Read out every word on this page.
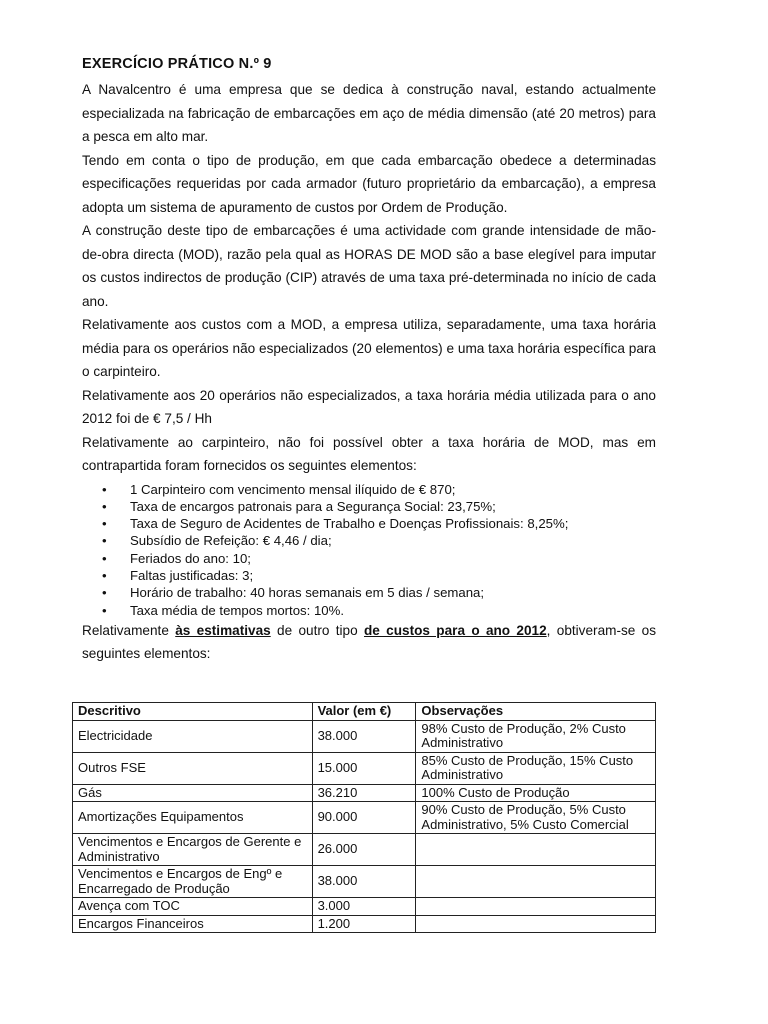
EXERCÍCIO PRÁTICO N.º 9

A Navalcentro é uma empresa que se dedica à construção naval, estando actualmente especializada na fabricação de embarcações em aço de média dimensão (até 20 metros) para a pesca em alto mar.

Tendo em conta o tipo de produção, em que cada embarcação obedece a determinadas especificações requeridas por cada armador (futuro proprietário da embarcação), a empresa adopta um sistema de apuramento de custos por Ordem de Produção.

A construção deste tipo de embarcações é uma actividade com grande intensidade de mão-de-obra directa (MOD), razão pela qual as HORAS DE MOD são a base elegível para imputar os custos indirectos de produção (CIP) através de uma taxa pré-determinada no início de cada ano.

Relativamente aos custos com a MOD, a empresa utiliza, separadamente, uma taxa horária média para os operários não especializados (20 elementos) e uma taxa horária específica para o carpinteiro.

Relativamente aos 20 operários não especializados, a taxa horária média utilizada para o ano 2012 foi de € 7,5 / Hh

Relativamente ao carpinteiro, não foi possível obter a taxa horária de MOD, mas em contrapartida foram fornecidos os seguintes elementos:

• 1 Carpinteiro com vencimento mensal ilíquido de € 870;
• Taxa de encargos patronais para a Segurança Social: 23,75%;
• Taxa de Seguro de Acidentes de Trabalho e Doenças Profissionais: 8,25%;
• Subsídio de Refeição: € 4,46 / dia;
• Feriados do ano: 10;
• Faltas justificadas: 3;
• Horário de trabalho: 40 horas semanais em 5 dias / semana;
• Taxa média de tempos mortos: 10%.

Relativamente às estimativas de outro tipo de custos para o ano 2012, obtiveram-se os seguintes elementos:

Descritivo	Valor (em €)	Observações
Electricidade	38.000	98% Custo de Produção, 2% Custo Administrativo
Outros FSE	15.000	85% Custo de Produção, 15% Custo Administrativo
Gás	36.210	100% Custo de Produção
Amortizações Equipamentos	90.000	90% Custo de Produção, 5% Custo Administrativo, 5% Custo Comercial
Vencimentos e Encargos de Gerente e Administrativo	26.000	
Vencimentos e Encargos de Engº e Encarregado de Produção	38.000	
Avença com TOC	3.000	
Encargos Financeiros	1.200	
